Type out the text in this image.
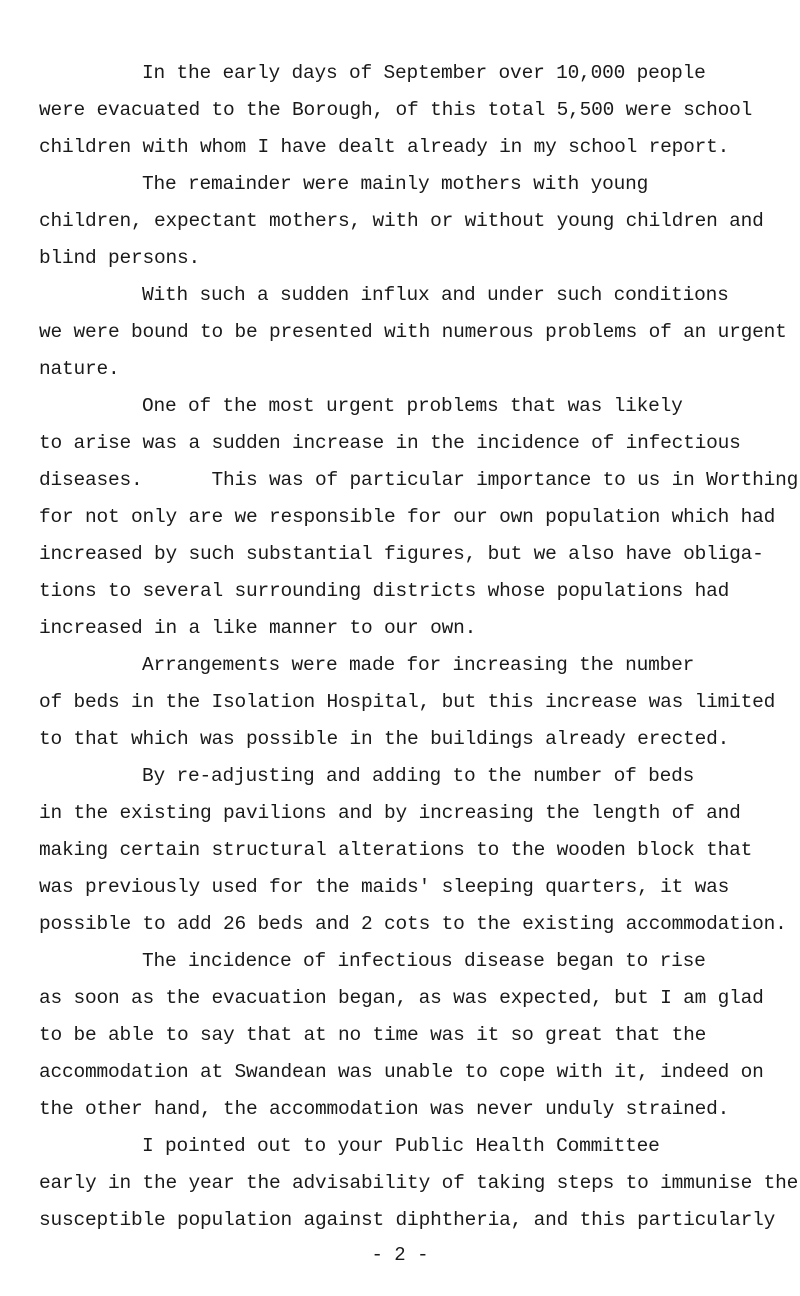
In the early days of September over 10,000 people
were evacuated to the Borough, of this total 5,500 were school
children with whom I have dealt already in my school report.
The remainder were mainly mothers with young
children, expectant mothers, with or without young children and
blind persons.
With such a sudden influx and under such conditions
we were bound to be presented with numerous problems of an urgent
nature.
One of the most urgent problems that was likely
to arise was a sudden increase in the incidence of infectious
diseases.      This was of particular importance to us in Worthing
for not only are we responsible for our own population which had
increased by such substantial figures, but we also have obliga-
tions to several surrounding districts whose populations had
increased in a like manner to our own.
Arrangements were made for increasing the number
of beds in the Isolation Hospital, but this increase was limited
to that which was possible in the buildings already erected.
By re-adjusting and adding to the number of beds
in the existing pavilions and by increasing the length of and
making certain structural alterations to the wooden block that
was previously used for the maids' sleeping quarters, it was
possible to add 26 beds and 2 cots to the existing accommodation.
The incidence of infectious disease began to rise
as soon as the evacuation began, as was expected, but I am glad
to be able to say that at no time was it so great that the
accommodation at Swandean was unable to cope with it, indeed on
the other hand, the accommodation was never unduly strained.
I pointed out to your Public Health Committee
early in the year the advisability of taking steps to immunise the
susceptible population against diphtheria, and this particularly
- 2 -
